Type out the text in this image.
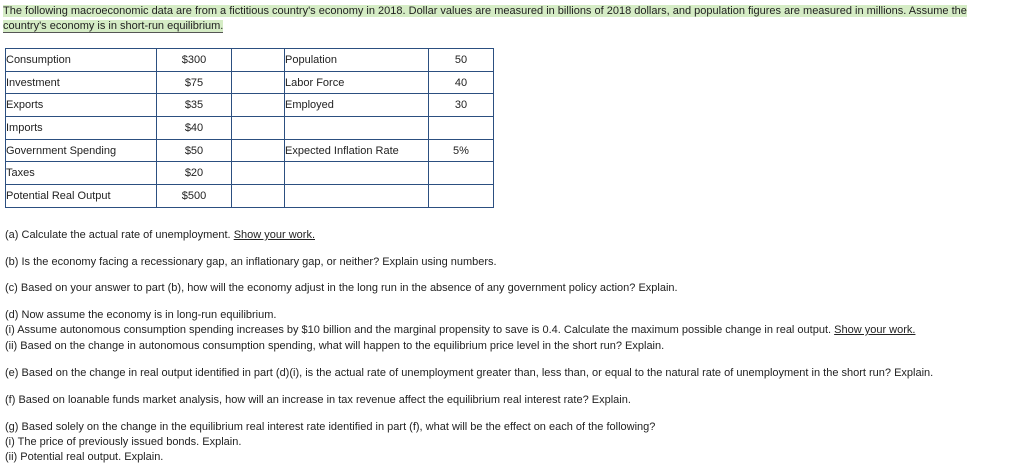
The following macroeconomic data are from a fictitious country's economy in 2018. Dollar values are measured in billions of 2018 dollars, and population figures are measured in millions. Assume the
country's economy is in short-run equilibrium.
Consumption	$300		Population	50
Investment	$75		Labor Force	40
Exports	$35		Employed	30
Imports	$40			
Government Spending	$50		Expected Inflation Rate	5%
Taxes	$20			
Potential Real Output	$500			
(a) Calculate the actual rate of unemployment. Show your work.
(b) Is the economy facing a recessionary gap, an inflationary gap, or neither? Explain using numbers.
(c) Based on your answer to part (b), how will the economy adjust in the long run in the absence of any government policy action? Explain.
(d) Now assume the economy is in long-run equilibrium.
(i) Assume autonomous consumption spending increases by $10 billion and the marginal propensity to save is 0.4. Calculate the maximum possible change in real output. Show your work.
(ii) Based on the change in autonomous consumption spending, what will happen to the equilibrium price level in the short run? Explain.
(e) Based on the change in real output identified in part (d)(i), is the actual rate of unemployment greater than, less than, or equal to the natural rate of unemployment in the short run? Explain.
(f) Based on loanable funds market analysis, how will an increase in tax revenue affect the equilibrium real interest rate? Explain.
(g) Based solely on the change in the equilibrium real interest rate identified in part (f), what will be the effect on each of the following?
(i) The price of previously issued bonds. Explain.
(ii) Potential real output. Explain.
